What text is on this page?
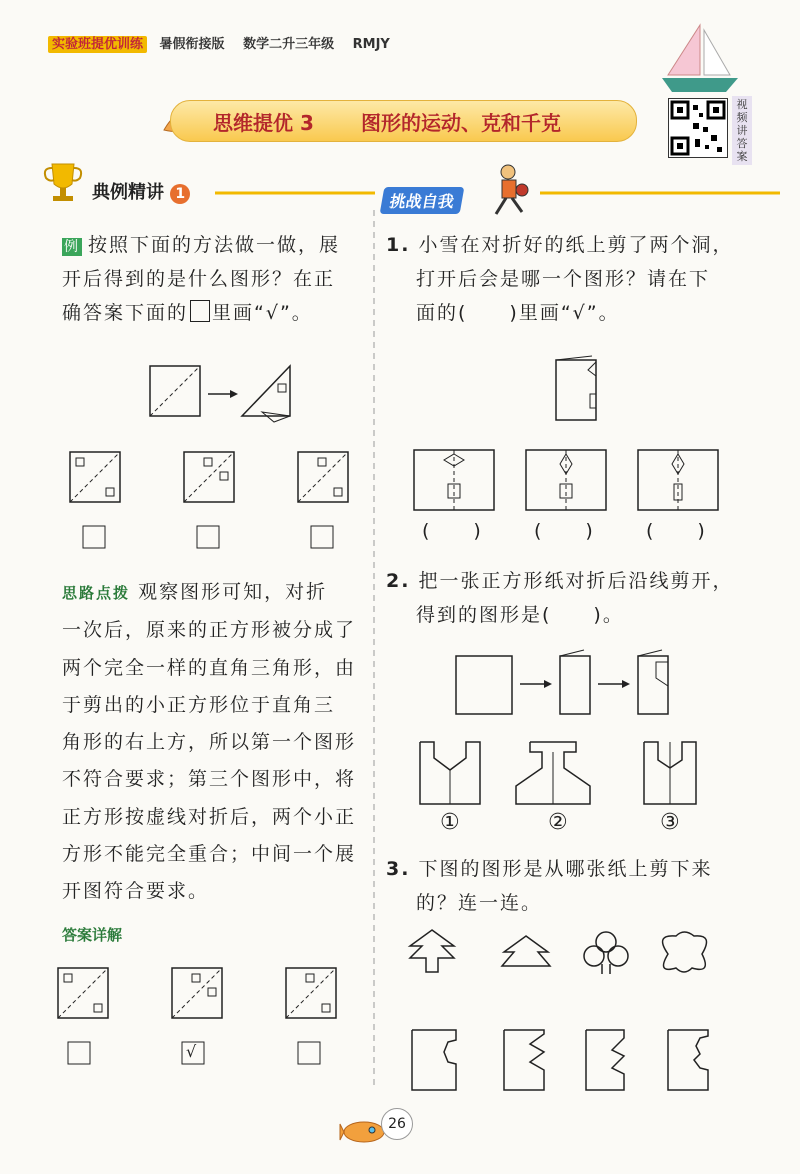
实验班提优训练 暑假衔接版 数学二升三年级 RMJY
思维提优 3 图形的运动、克和千克
视频讲答案
典例精讲 1
例 按照下面的方法做一做，展
开后得到的是什么图形？在正
确答案下面的 里画“√”。
思路点拨 观察图形可知，对折
一次后，原来的正方形被分成了
两个完全一样的直角三角形，由
于剪出的小正方形位于直角三
角形的右上方，所以第一个图形
不符合要求；第三个图形中，将
正方形按虚线对折后，两个小正
方形不能完全重合；中间一个展
开图符合要求。
答案详解
√
挑战自我
1. 小雪在对折好的纸上剪了两个洞，
打开后会是哪一个图形？请在下
面的(　　)里画“√”。
(　　)	(　　)	(　　)
2. 把一张正方形纸对折后沿线剪开，
得到的图形是(　　)。
①	②	③
3. 下图的图形是从哪张纸上剪下来
的？连一连。
26
